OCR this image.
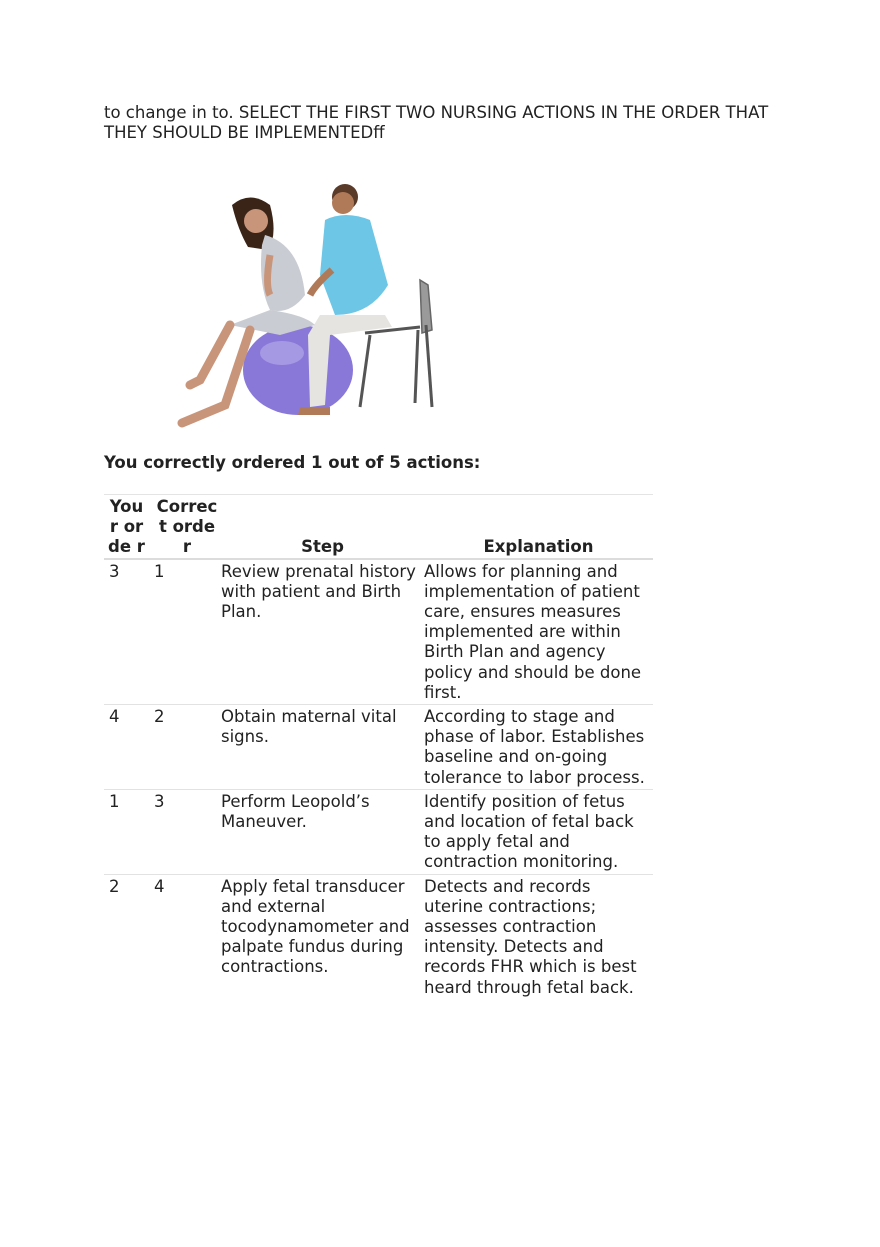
to change in to. SELECT THE FIRST TWO NURSING ACTIONS IN THE ORDER THAT THEY SHOULD BE IMPLEMENTEDff

You correctly ordered 1 out of 5 actions:

Your orde r	Correc t order	Step	Explanation
3	1	Review prenatal history with patient and Birth Plan.	Allows for planning and implementation of patient care, ensures measures implemented are within Birth Plan and agency policy and should be done first.
4	2	Obtain maternal vital signs.	According to stage and phase of labor. Establishes baseline and on-going tolerance to labor process.
1	3	Perform Leopold’s Maneuver.	Identify position of fetus and location of fetal back to apply fetal and contraction monitoring.
2	4	Apply fetal transducer and external tocodynamometer and palpate fundus during contractions.	Detects and records uterine contractions; assesses contraction intensity. Detects and records FHR which is best heard through fetal back.
